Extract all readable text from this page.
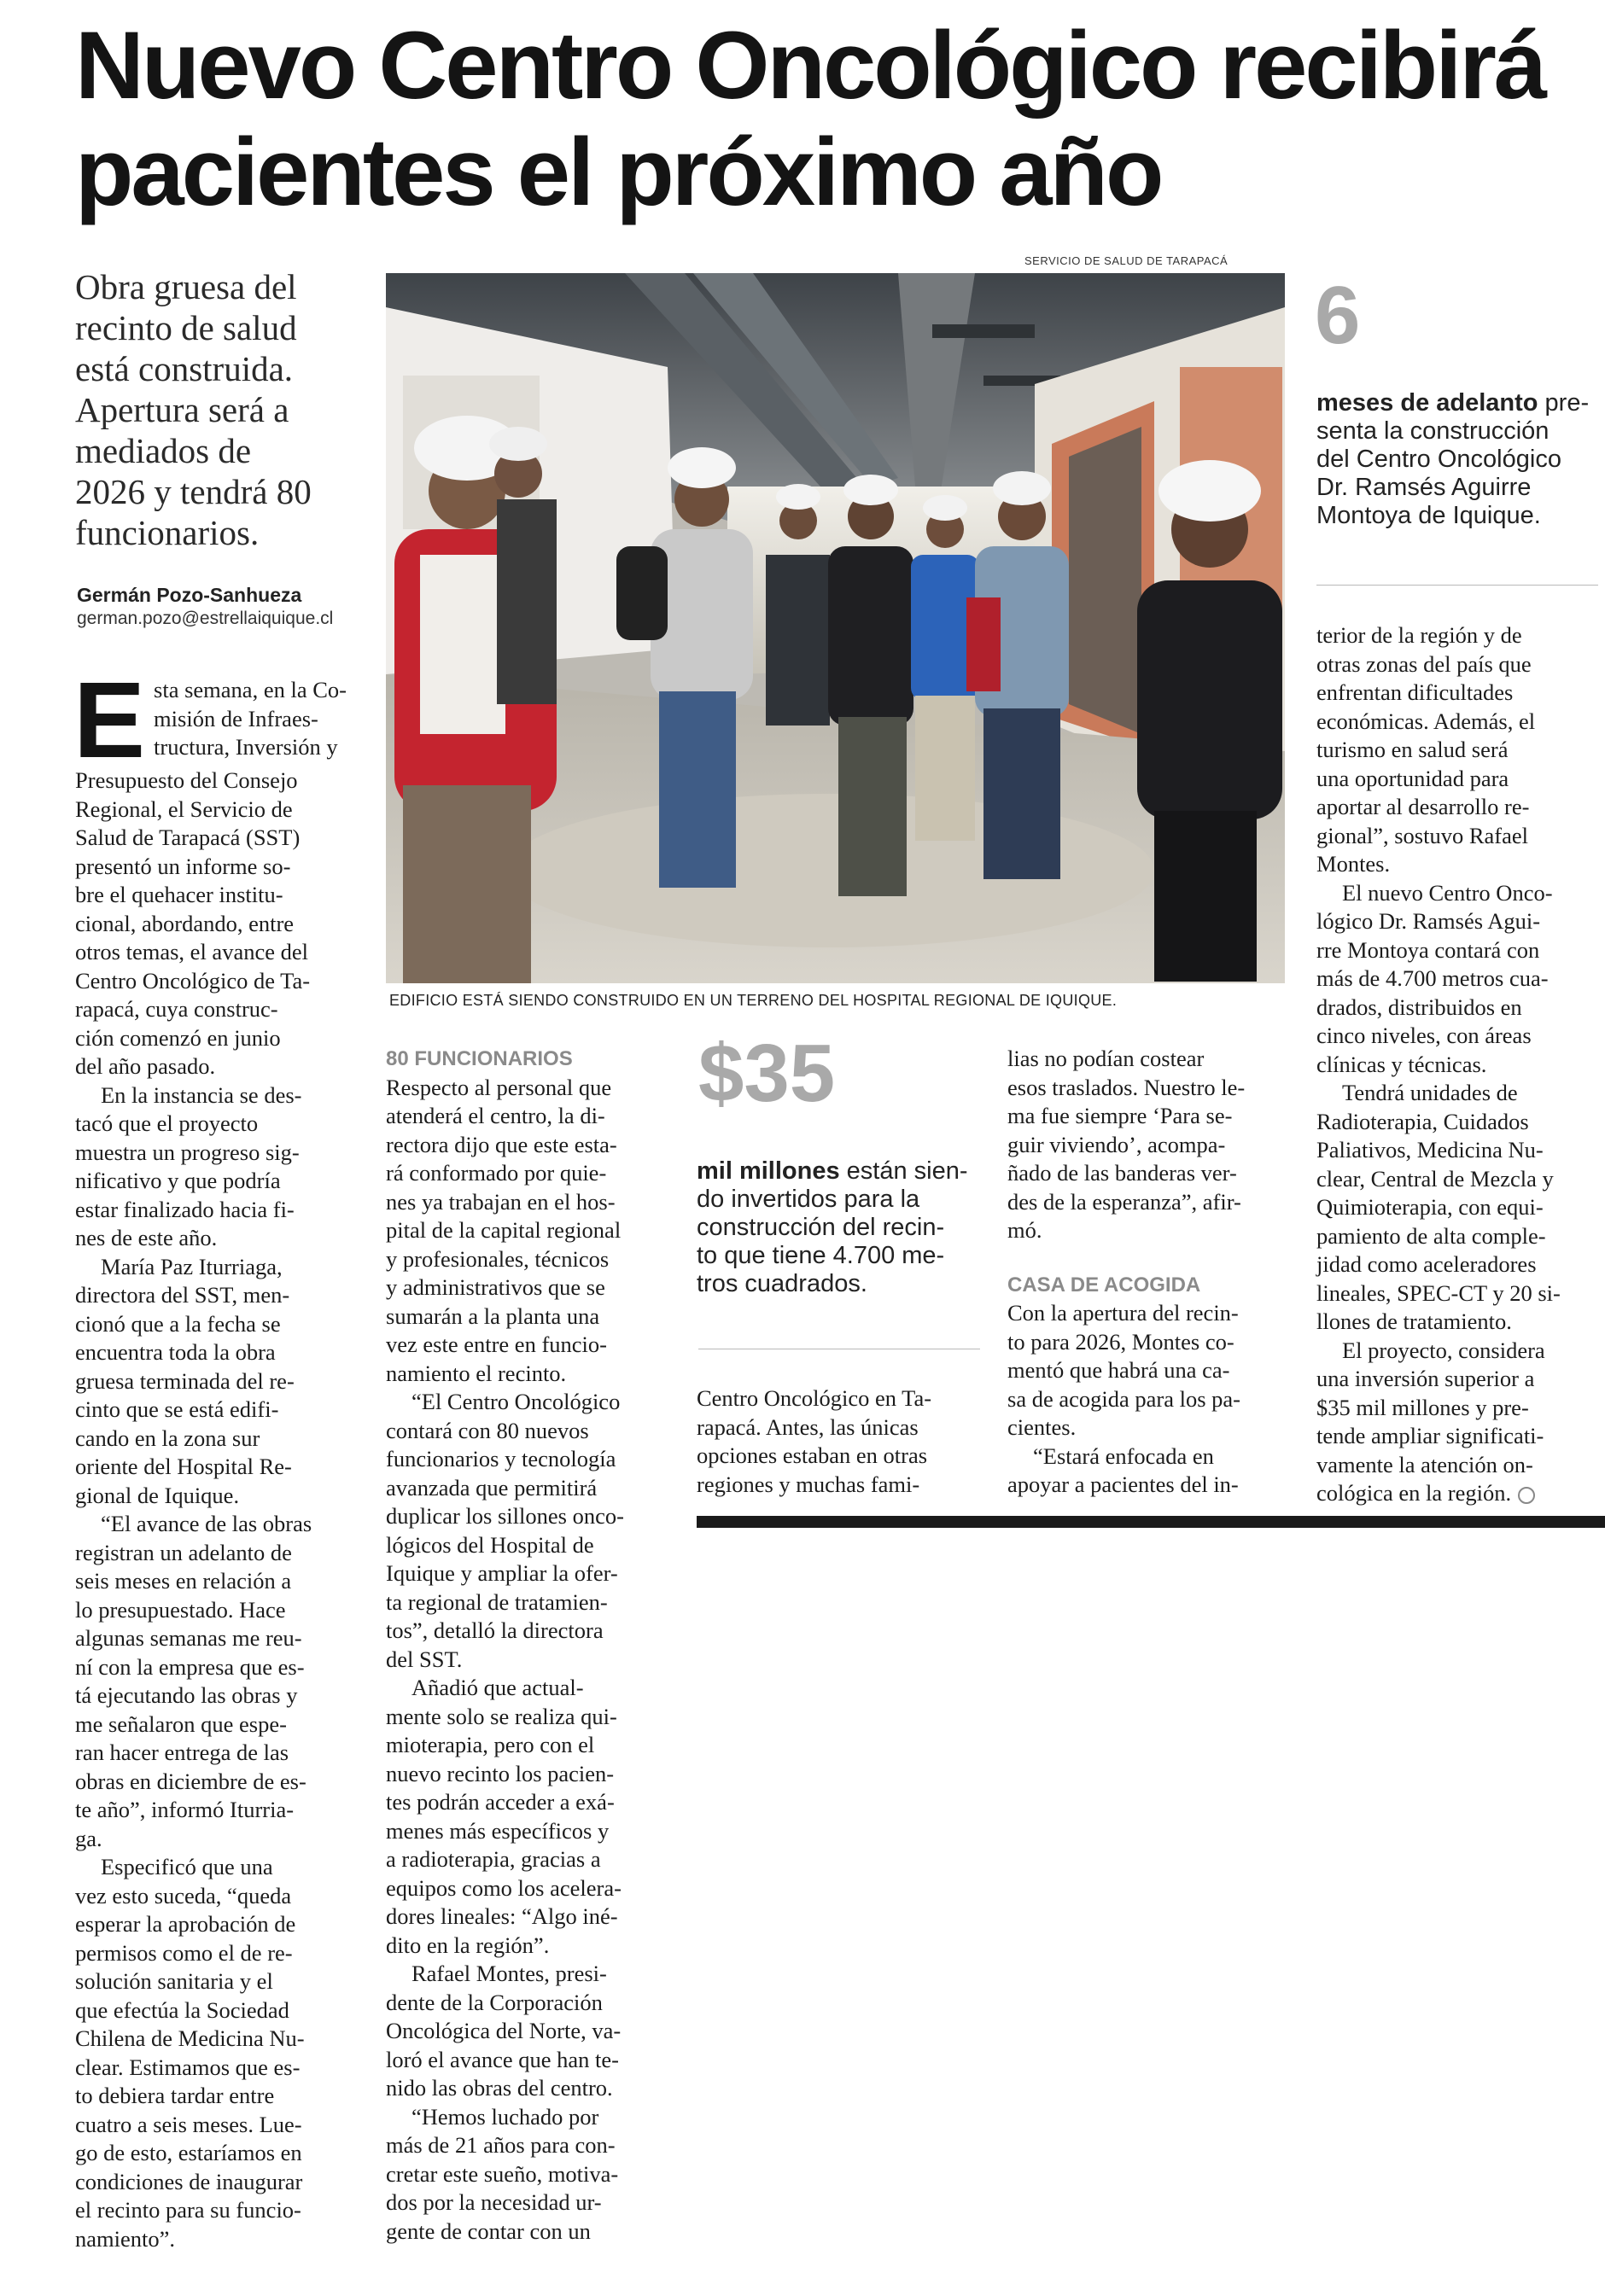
Nuevo Centro Oncológico recibirá
pacientes el próximo año
Obra gruesa del
recinto de salud
está construida.
Apertura será a
mediados de
2026 y tendrá 80
funcionarios.
Germán Pozo-Sanhueza
german.pozo@estrellaiquique.cl
SERVICIO DE SALUD DE TARAPACÁ
EDIFICIO ESTÁ SIENDO CONSTRUIDO EN UN TERRENO DEL HOSPITAL REGIONAL DE IQUIQUE.
E sta semana, en la Co-
misión de Infraes-
tructura, Inversión y
Presupuesto del Consejo
Regional, el Servicio de
Salud de Tarapacá (SST)
presentó un informe so-
bre el quehacer institu-
cional, abordando, entre
otros temas, el avance del
Centro Oncológico de Ta-
rapacá, cuya construc-
ción comenzó en junio
del año pasado.
En la instancia se des-
tacó que el proyecto
muestra un progreso sig-
nificativo y que podría
estar finalizado hacia fi-
nes de este año.
María Paz Iturriaga,
directora del SST, men-
cionó que a la fecha se
encuentra toda la obra
gruesa terminada del re-
cinto que se está edifi-
cando en la zona sur
oriente del Hospital Re-
gional de Iquique.
“El avance de las obras
registran un adelanto de
seis meses en relación a
lo presupuestado. Hace
algunas semanas me reu-
ní con la empresa que es-
tá ejecutando las obras y
me señalaron que espe-
ran hacer entrega de las
obras en diciembre de es-
te año”, informó Iturria-
ga.
Especificó que una
vez esto suceda, “queda
esperar la aprobación de
permisos como el de re-
solución sanitaria y el
que efectúa la Sociedad
Chilena de Medicina Nu-
clear. Estimamos que es-
to debiera tardar entre
cuatro a seis meses. Lue-
go de esto, estaríamos en
condiciones de inaugurar
el recinto para su funcio-
namiento”.
80 FUNCIONARIOS
Respecto al personal que
atenderá el centro, la di-
rectora dijo que este esta-
rá conformado por quie-
nes ya trabajan en el hos-
pital de la capital regional
y profesionales, técnicos
y administrativos que se
sumarán a la planta una
vez este entre en funcio-
namiento el recinto.
“El Centro Oncológico
contará con 80 nuevos
funcionarios y tecnología
avanzada que permitirá
duplicar los sillones onco-
lógicos del Hospital de
Iquique y ampliar la ofer-
ta regional de tratamien-
tos”, detalló la directora
del SST.
Añadió que actual-
mente solo se realiza qui-
mioterapia, pero con el
nuevo recinto los pacien-
tes podrán acceder a exá-
menes más específicos y
a radioterapia, gracias a
equipos como los acelera-
dores lineales: “Algo iné-
dito en la región”.
Rafael Montes, presi-
dente de la Corporación
Oncológica del Norte, va-
loró el avance que han te-
nido las obras del centro.
“Hemos luchado por
más de 21 años para con-
cretar este sueño, motiva-
dos por la necesidad ur-
gente de contar con un
$35
mil millones están sien-
do invertidos para la
construcción del recin-
to que tiene 4.700 me-
tros cuadrados.
Centro Oncológico en Ta-
rapacá. Antes, las únicas
opciones estaban en otras
regiones y muchas fami-
lias no podían costear
esos traslados. Nuestro le-
ma fue siempre ‘Para se-
guir viviendo’, acompa-
ñado de las banderas ver-
des de la esperanza”, afir-
mó.
CASA DE ACOGIDA
Con la apertura del recin-
to para 2026, Montes co-
mentó que habrá una ca-
sa de acogida para los pa-
cientes.
“Estará enfocada en
apoyar a pacientes del in-
6
meses de adelanto pre-
senta la construcción
del Centro Oncológico
Dr. Ramsés Aguirre
Montoya de Iquique.
terior de la región y de
otras zonas del país que
enfrentan dificultades
económicas. Además, el
turismo en salud será
una oportunidad para
aportar al desarrollo re-
gional”, sostuvo Rafael
Montes.
El nuevo Centro Onco-
lógico Dr. Ramsés Agui-
rre Montoya contará con
más de 4.700 metros cua-
drados, distribuidos en
cinco niveles, con áreas
clínicas y técnicas.
Tendrá unidades de
Radioterapia, Cuidados
Paliativos, Medicina Nu-
clear, Central de Mezcla y
Quimioterapia, con equi-
pamiento de alta comple-
jidad como aceleradores
lineales, SPEC-CT y 20 si-
llones de tratamiento.
El proyecto, considera
una inversión superior a
$35 mil millones y pre-
tende ampliar significati-
vamente la atención on-
cológica en la región.
